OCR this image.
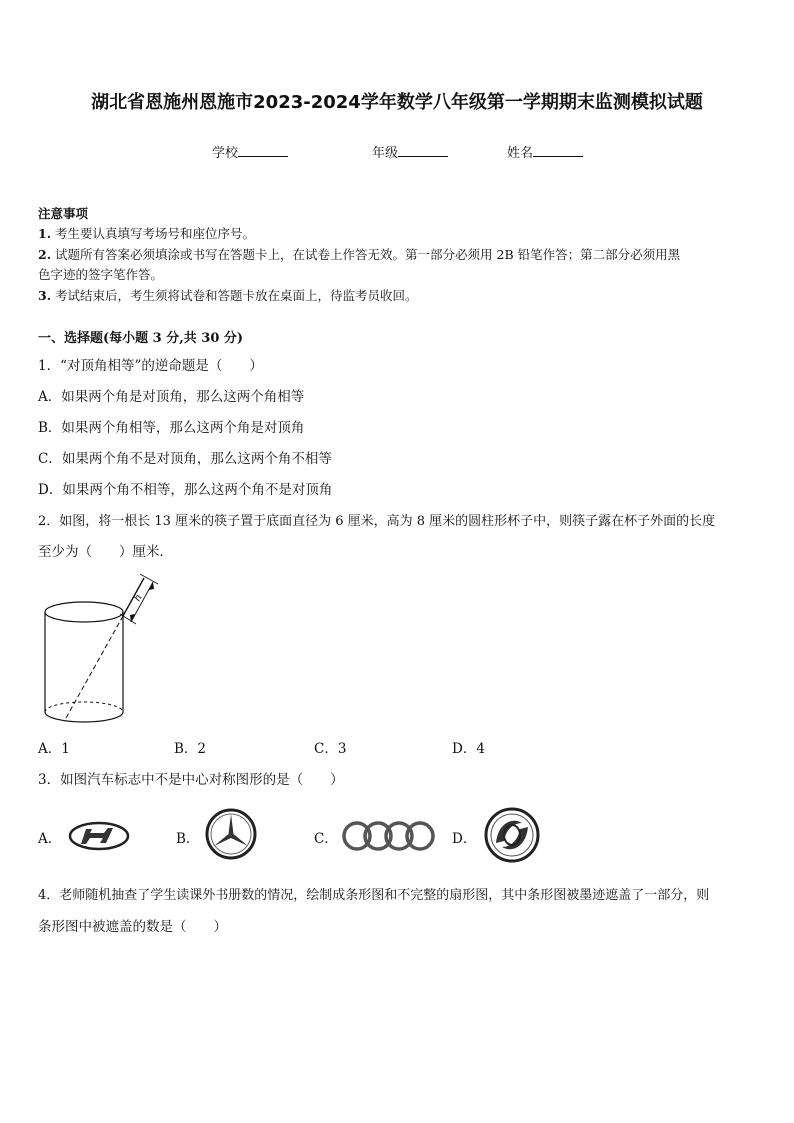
湖北省恩施州恩施市2023-2024学年数学八年级第一学期期末监测模拟试题
学校	年级	姓名
注意事项
1. 考生要认真填写考场号和座位序号。
2. 试题所有答案必须填涂或书写在答题卡上，在试卷上作答无效。第一部分必须用 2B 铅笔作答；第二部分必须用黑
色字迹的签字笔作答。
3. 考试结束后，考生须将试卷和答题卡放在桌面上，待监考员收回。
一、选择题(每小题 3 分,共 30 分)
1．“对顶角相等”的逆命题是（　　）
A．如果两个角是对顶角，那么这两个角相等
B．如果两个角相等，那么这两个角是对顶角
C．如果两个角不是对顶角，那么这两个角不相等
D．如果两个角不相等，那么这两个角不是对顶角
2．如图，将一根长 13 厘米的筷子置于底面直径为 6 厘米，高为 8 厘米的圆柱形杯子中，则筷子露在杯子外面的长度
至少为（　　）厘米．
h
A．1	B．2	C．3	D．4
3．如图汽车标志中不是中心对称图形的是（　　）
A．	B．	C．	D．
4．老师随机抽查了学生读课外书册数的情况，绘制成条形图和不完整的扇形图，其中条形图被墨迹遮盖了一部分，则
条形图中被遮盖的数是（　　）
